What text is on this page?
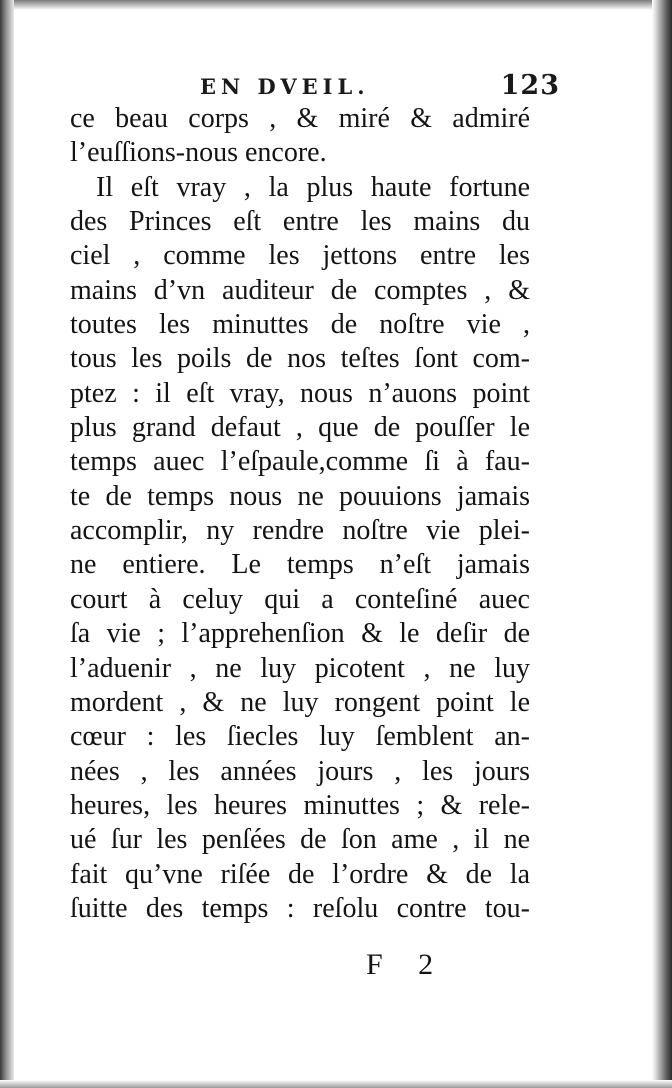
EN DVEIL.	123
ce beau corps , & miré & admiré
l’euſſions-nous encore.
Il eſt vray , la plus haute fortune
des Princes eſt entre les mains du
ciel , comme les jettons entre les
mains d’vn auditeur de comptes , &
toutes les minuttes de noſtre vie ,
tous les poils de nos teſtes ſont com-
ptez : il eſt vray, nous n’auons point
plus grand defaut , que de pouſſer le
temps auec l’eſpaule,comme ſi à fau-
te de temps nous ne pouuions jamais
accomplir, ny rendre noſtre vie plei-
ne entiere. Le temps n’eſt jamais
court à celuy qui a conteſiné auec
ſa vie ; l’apprehenſion & le deſir de
l’aduenir , ne luy picotent , ne luy
mordent , & ne luy rongent point le
cœur : les ſiecles luy ſemblent an-
nées , les années jours , les jours
heures, les heures minuttes ; & rele-
ué ſur les penſées de ſon ame , il ne
fait qu’vne riſée de l’ordre & de la
ſuitte des temps : reſolu contre tou-
F 2
